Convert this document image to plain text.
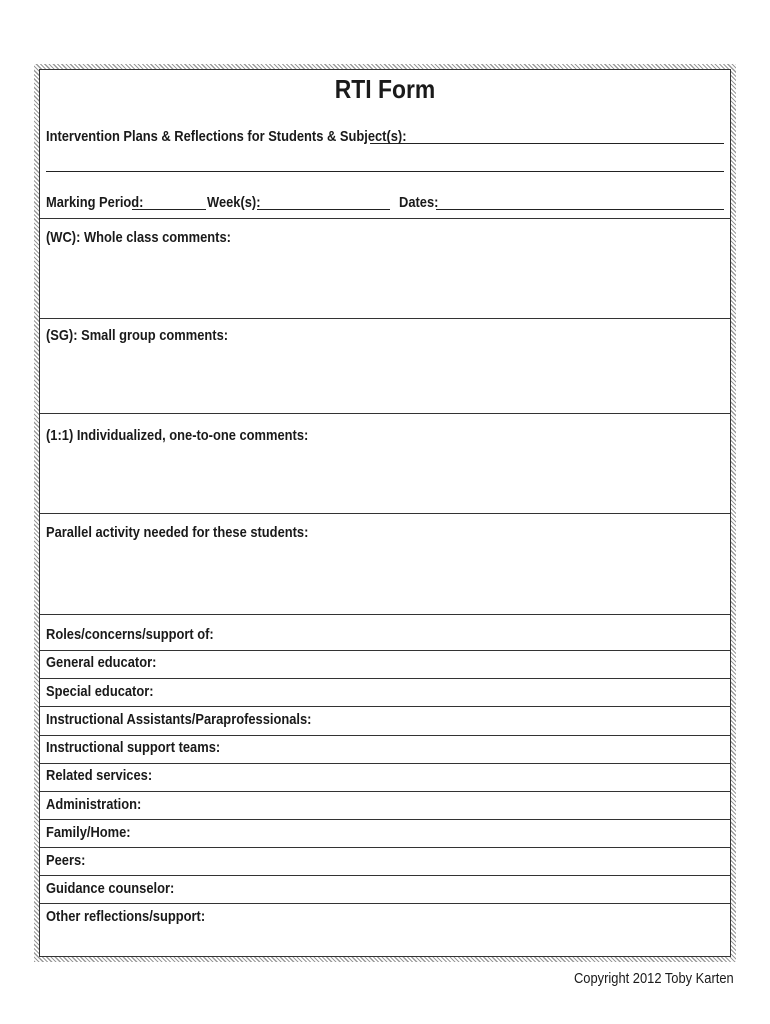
RTI Form
Intervention Plans & Reflections for Students & Subject(s):
Marking Period:	Week(s):	Dates:
(WC): Whole class comments:
(SG): Small group comments:
(1:1) Individualized, one-to-one comments:
Parallel activity needed for these students:
Roles/concerns/support of:
General educator:
Special educator:
Instructional Assistants/Paraprofessionals:
Instructional support teams:
Related services:
Administration:
Family/Home:
Peers:
Guidance counselor:
Other reflections/support:
Copyright 2012 Toby Karten
